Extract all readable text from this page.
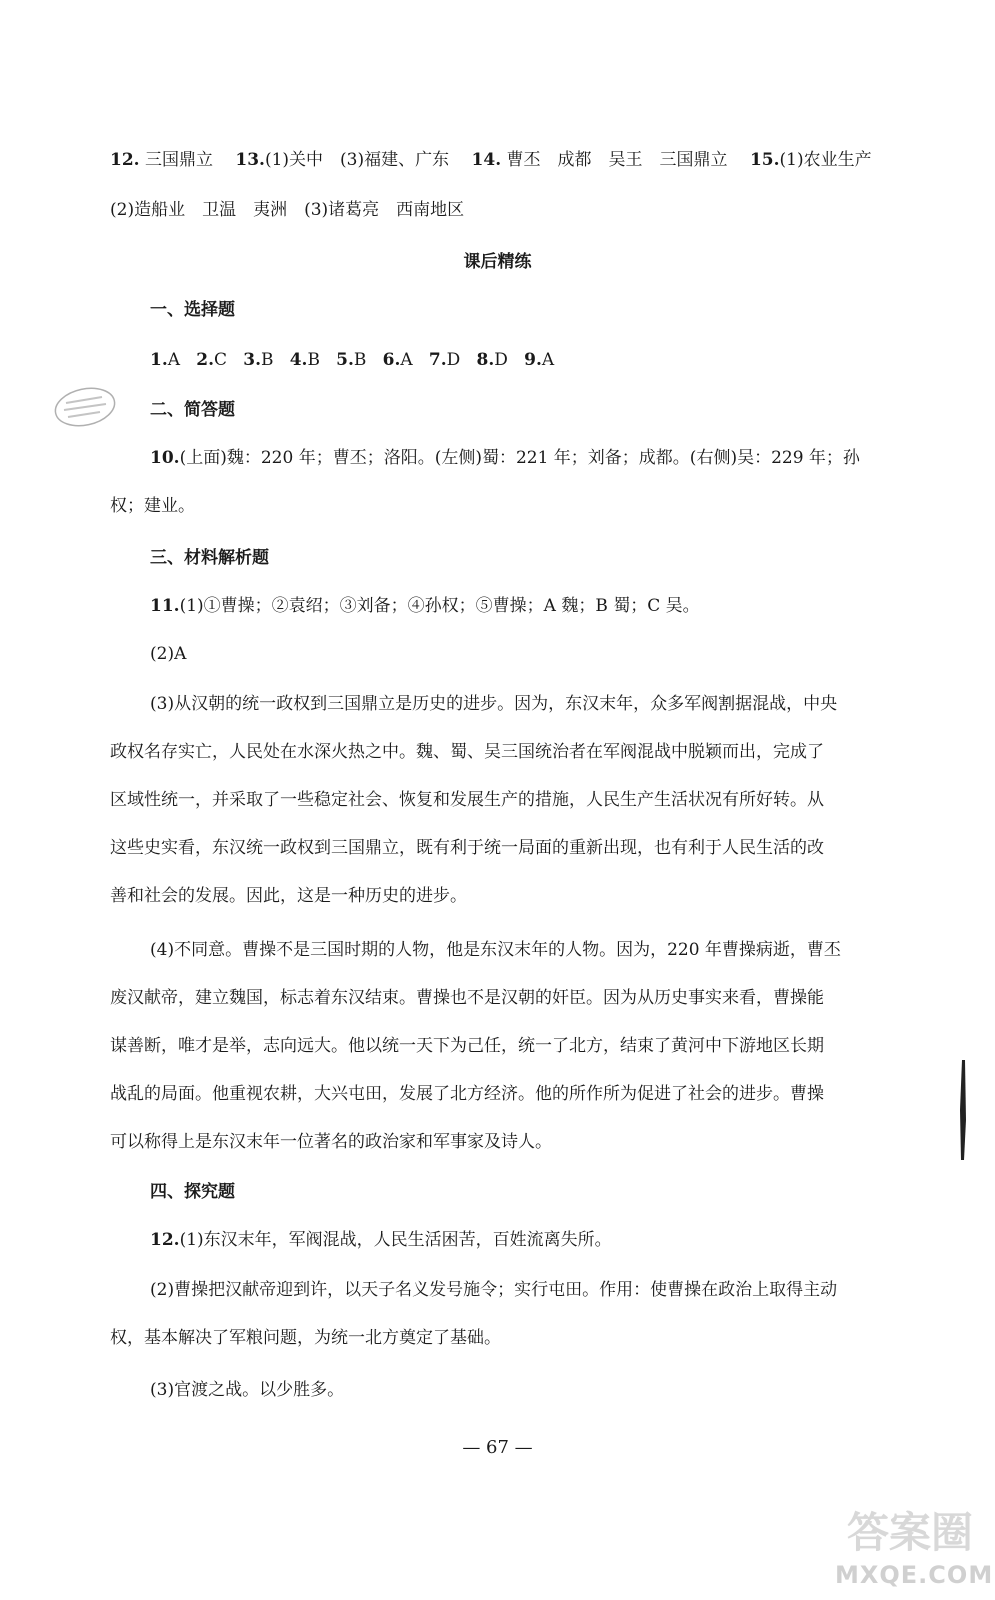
12. 三国鼎立　 13.(1)关中　(3)福建、广东　 14. 曹丕　成都　吴王　三国鼎立　 15.(1)农业生产
(2)造船业　卫温　夷洲　(3)诸葛亮　西南地区
课后精练
一、选择题
1.A 2.C 3.B 4.B 5.B 6.A 7.D 8.D 9.A
二、简答题
10.(上面)魏：220 年；曹丕；洛阳。(左侧)蜀：221 年；刘备；成都。(右侧)吴：229 年；孙
权；建业。
三、材料解析题
11.(1)①曹操；②袁绍；③刘备；④孙权；⑤曹操；A 魏；B 蜀；C 吴。
(2)A
(3)从汉朝的统一政权到三国鼎立是历史的进步。因为，东汉末年，众多军阀割据混战，中央
政权名存实亡，人民处在水深火热之中。魏、蜀、吴三国统治者在军阀混战中脱颖而出，完成了
区域性统一，并采取了一些稳定社会、恢复和发展生产的措施，人民生产生活状况有所好转。从
这些史实看，东汉统一政权到三国鼎立，既有利于统一局面的重新出现，也有利于人民生活的改
善和社会的发展。因此，这是一种历史的进步。
(4)不同意。曹操不是三国时期的人物，他是东汉末年的人物。因为，220 年曹操病逝，曹丕
废汉献帝，建立魏国，标志着东汉结束。曹操也不是汉朝的奸臣。因为从历史事实来看，曹操能
谋善断，唯才是举，志向远大。他以统一天下为己任，统一了北方，结束了黄河中下游地区长期
战乱的局面。他重视农耕，大兴屯田，发展了北方经济。他的所作所为促进了社会的进步。曹操
可以称得上是东汉末年一位著名的政治家和军事家及诗人。
四、探究题
12.(1)东汉末年，军阀混战，人民生活困苦，百姓流离失所。
(2)曹操把汉献帝迎到许，以天子名义发号施令；实行屯田。作用：使曹操在政治上取得主动
权，基本解决了军粮问题，为统一北方奠定了基础。
(3)官渡之战。以少胜多。
— 67 —
答案圈
MXQE.COM
